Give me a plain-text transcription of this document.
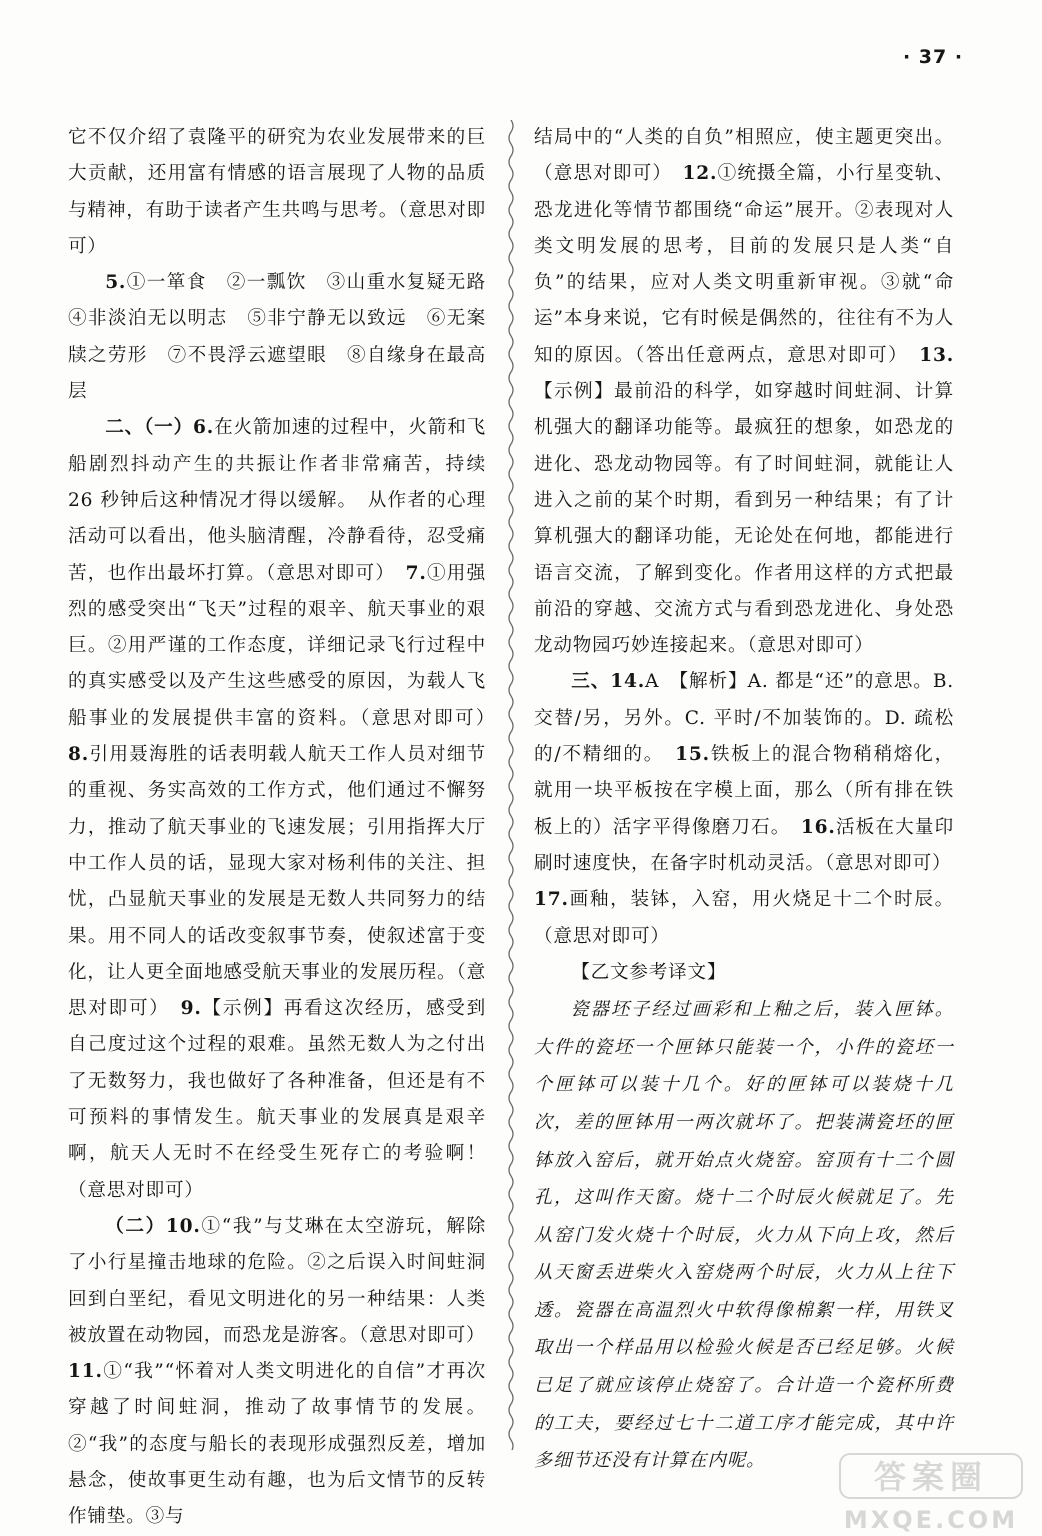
· 37 ·

它不仅介绍了袁隆平的研究为农业发展带来的巨大贡献，还用富有情感的语言展现了人物的品质与精神，有助于读者产生共鸣与思考。（意思对即可）

5.①一箪食　②一瓢饮　③山重水复疑无路　④非淡泊无以明志　⑤非宁静无以致远　⑥无案牍之劳形　⑦不畏浮云遮望眼　⑧自缘身在最高层

二、（一）6.在火箭加速的过程中，火箭和飞船剧烈抖动产生的共振让作者非常痛苦，持续 26 秒钟后这种情况才得以缓解。　从作者的心理活动可以看出，他头脑清醒，冷静看待，忍受痛苦，也作出最坏打算。（意思对即可）　7.①用强烈的感受突出“飞天”过程的艰辛、航天事业的艰巨。②用严谨的工作态度，详细记录飞行过程中的真实感受以及产生这些感受的原因，为载人飞船事业的发展提供丰富的资料。（意思对即可）　8.引用聂海胜的话表明载人航天工作人员对细节的重视、务实高效的工作方式，他们通过不懈努力，推动了航天事业的飞速发展；引用指挥大厅中工作人员的话，显现大家对杨利伟的关注、担忧，凸显航天事业的发展是无数人共同努力的结果。用不同人的话改变叙事节奏，使叙述富于变化，让人更全面地感受航天事业的发展历程。（意思对即可）　9.【示例】再看这次经历，感受到自己度过这个过程的艰难。虽然无数人为之付出了无数努力，我也做好了各种准备，但还是有不可预料的事情发生。航天事业的发展真是艰辛啊，航天人无时不在经受生死存亡的考验啊！（意思对即可）

（二）10.①“我”与艾琳在太空游玩，解除了小行星撞击地球的危险。②之后误入时间蛀洞回到白垩纪，看见文明进化的另一种结果：人类被放置在动物园，而恐龙是游客。（意思对即可）

11.①“我”“怀着对人类文明进化的自信”才再次穿越了时间蛀洞，推动了故事情节的发展。②“我”的态度与船长的表现形成强烈反差，增加悬念，使故事更生动有趣，也为后文情节的反转作铺垫。③与

结局中的“人类的自负”相照应，使主题更突出。（意思对即可）　12.①统摄全篇，小行星变轨、恐龙进化等情节都围绕“命运”展开。②表现对人类文明发展的思考，目前的发展只是人类“自负”的结果，应对人类文明重新审视。③就“命运”本身来说，它有时候是偶然的，往往有不为人知的原因。（答出任意两点，意思对即可）　13.【示例】最前沿的科学，如穿越时间蛀洞、计算机强大的翻译功能等。最疯狂的想象，如恐龙的进化、恐龙动物园等。有了时间蛀洞，就能让人进入之前的某个时期，看到另一种结果；有了计算机强大的翻译功能，无论处在何地，都能进行语言交流，了解到变化。作者用这样的方式把最前沿的穿越、交流方式与看到恐龙进化、身处恐龙动物园巧妙连接起来。（意思对即可）

三、14.A　【解析】A. 都是“还”的意思。B. 交替/另，另外。C. 平时/不加装饰的。D. 疏松的/不精细的。　15.铁板上的混合物稍稍熔化，就用一块平板按在字模上面，那么（所有排在铁板上的）活字平得像磨刀石。　16.活板在大量印刷时速度快，在备字时机动灵活。（意思对即可）

17.画釉，装钵，入窑，用火烧足十二个时辰。（意思对即可）

【乙文参考译文】

瓷器坯子经过画彩和上釉之后，装入匣钵。大件的瓷坯一个匣钵只能装一个，小件的瓷坯一个匣钵可以装十几个。好的匣钵可以装烧十几次，差的匣钵用一两次就坏了。把装满瓷坯的匣钵放入窑后，就开始点火烧窑。窑顶有十二个圆孔，这叫作天窗。烧十二个时辰火候就足了。先从窑门发火烧十个时辰，火力从下向上攻，然后从天窗丢进柴火入窑烧两个时辰，火力从上往下透。瓷器在高温烈火中软得像棉絮一样，用铁叉取出一个样品用以检验火候是否已经足够。火候已足了就应该停止烧窑了。合计造一个瓷杯所费的工夫，要经过七十二道工序才能完成，其中许多细节还没有计算在内呢。	答案圈
MXQE.COM
